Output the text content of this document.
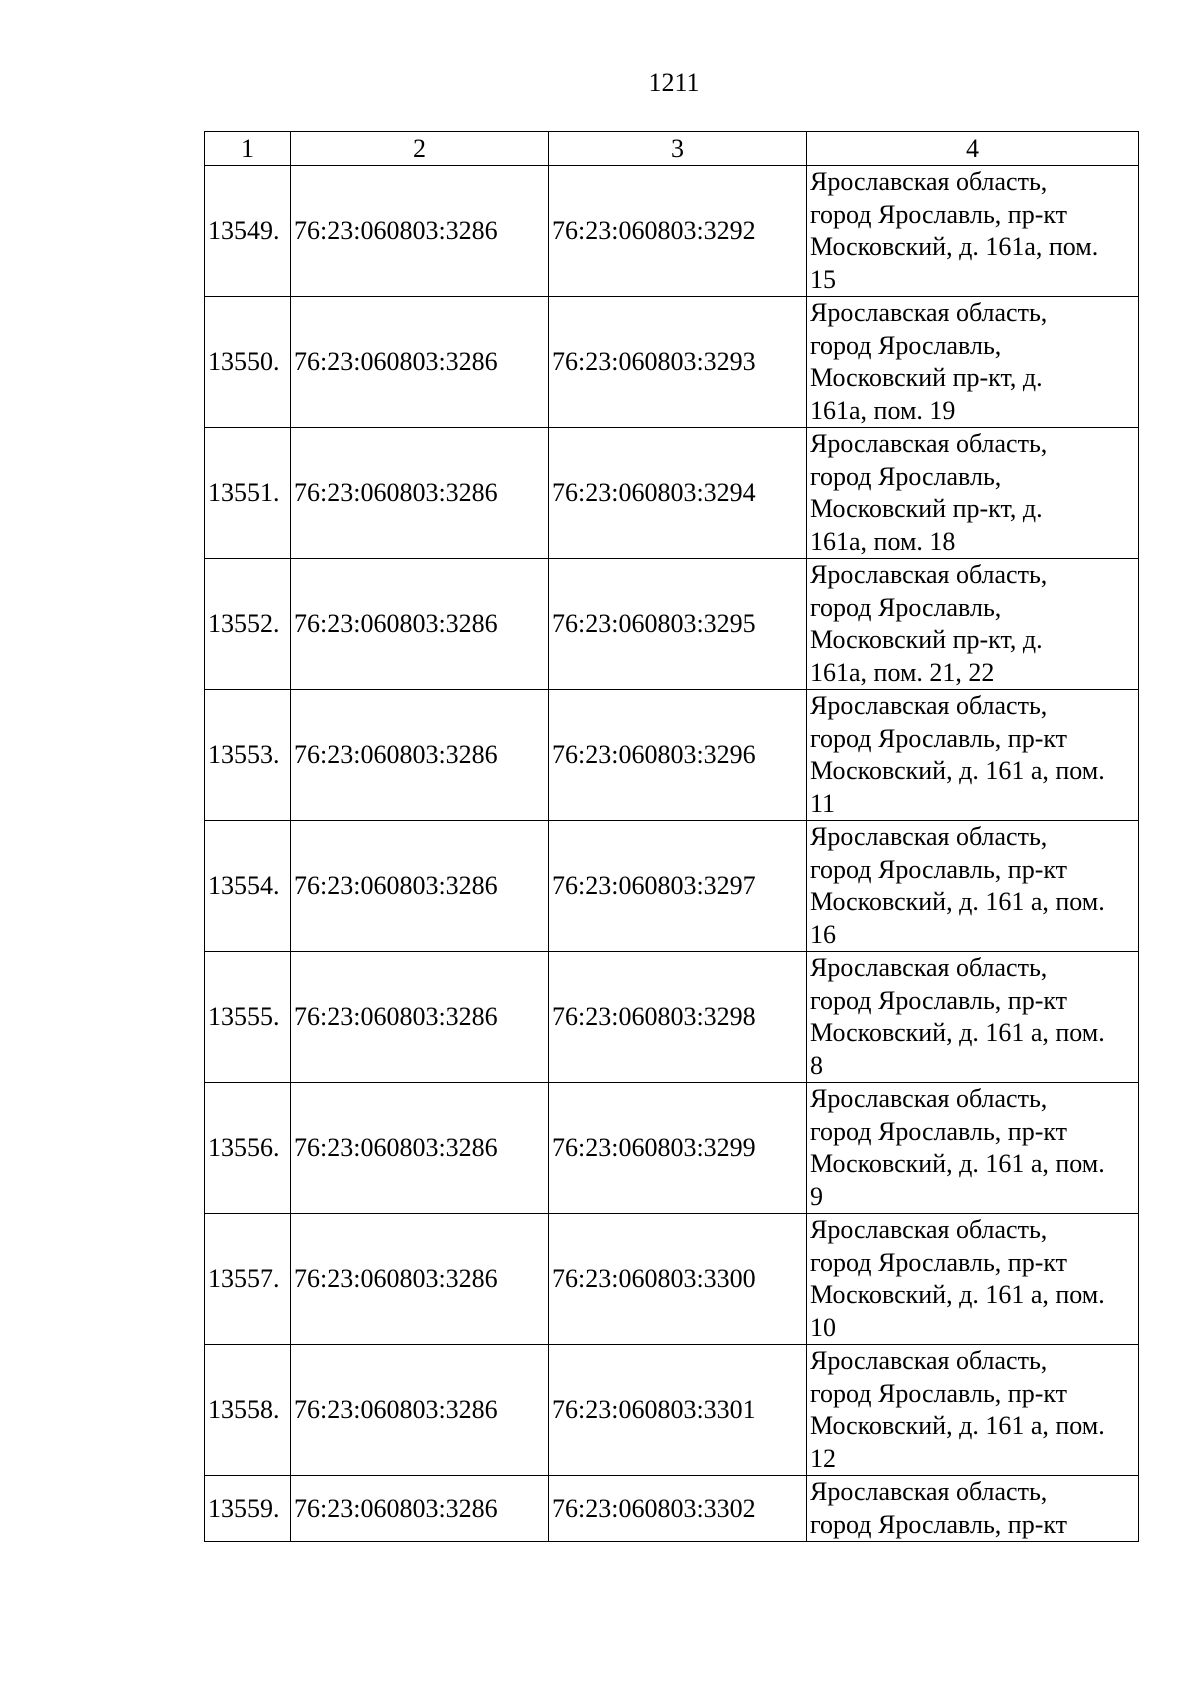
1211
1	2	3	4
13549.	76:23:060803:3286	76:23:060803:3292	Ярославская область,
город Ярославль, пр-кт
Московский, д. 161а, пом.
15

13550.	76:23:060803:3286	76:23:060803:3293	Ярославская область,
город Ярославль,
Московский пр-кт, д.
161а, пом. 19

13551.	76:23:060803:3286	76:23:060803:3294	Ярославская область,
город Ярославль,
Московский пр-кт, д.
161а, пом. 18

13552.	76:23:060803:3286	76:23:060803:3295	Ярославская область,
город Ярославль,
Московский пр-кт, д.
161а, пом. 21, 22

13553.	76:23:060803:3286	76:23:060803:3296	Ярославская область,
город Ярославль, пр-кт
Московский, д. 161 а, пом.
11

13554.	76:23:060803:3286	76:23:060803:3297	Ярославская область,
город Ярославль, пр-кт
Московский, д. 161 а, пом.
16

13555.	76:23:060803:3286	76:23:060803:3298	Ярославская область,
город Ярославль, пр-кт
Московский, д. 161 а, пом.
8

13556.	76:23:060803:3286	76:23:060803:3299	Ярославская область,
город Ярославль, пр-кт
Московский, д. 161 а, пом.
9

13557.	76:23:060803:3286	76:23:060803:3300	Ярославская область,
город Ярославль, пр-кт
Московский, д. 161 а, пом.
10

13558.	76:23:060803:3286	76:23:060803:3301	Ярославская область,
город Ярославль, пр-кт
Московский, д. 161 а, пом.
12

13559.	76:23:060803:3286	76:23:060803:3302	Ярославская область,
город Ярославль, пр-кт
